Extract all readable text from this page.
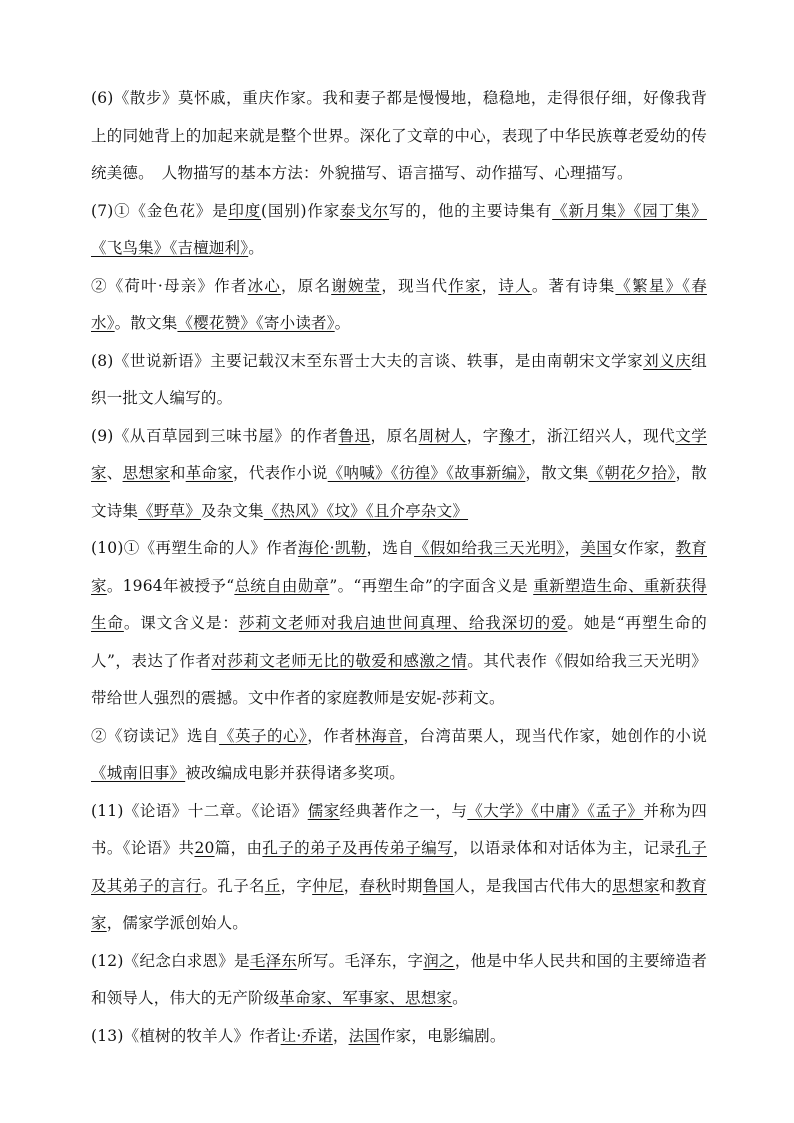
(6)《散步》莫怀戚，重庆作家。我和妻子都是慢慢地，稳稳地，走得很仔细，好像我背上的同她背上的加起来就是整个世界。深化了文章的中心，表现了中华民族尊老爱幼的传统美德。　人物描写的基本方法：外貌描写、语言描写、动作描写、心理描写。

(7)①《金色花》是印度(国别)作家泰戈尔写的，他的主要诗集有《新月集》《园丁集》《飞鸟集》《吉檀迦利》。

②《荷叶·母亲》作者冰心，原名谢婉莹，现当代作家，诗人。著有诗集《繁星》《春水》。散文集《樱花赞》《寄小读者》。

(8)《世说新语》主要记载汉末至东晋士大夫的言谈、轶事，是由南朝宋文学家刘义庆组织一批文人编写的。

(9)《从百草园到三味书屋》的作者鲁迅，原名周树人，字豫才，浙江绍兴人，现代文学家、思想家和革命家，代表作小说《呐喊》《彷徨》《故事新编》，散文集《朝花夕拾》，散文诗集《野草》及杂文集《热风》《坟》《且介亭杂文》

(10)①《再塑生命的人》作者海伦·凯勒，选自《假如给我三天光明》，美国女作家，教育家。1964年被授予“总统自由勋章”。“再塑生命”的字面含义是 重新塑造生命、重新获得生命。课文含义是：莎莉文老师对我启迪世间真理、给我深切的爱。她是“再塑生命的人”，表达了作者对莎莉文老师无比的敬爱和感激之情。其代表作《假如给我三天光明》带给世人强烈的震撼。文中作者的家庭教师是安妮-莎莉文。

②《窃读记》选自《英子的心》，作者林海音，台湾苗栗人，现当代作家，她创作的小说《城南旧事》被改编成电影并获得诸多奖项。

(11)《论语》十二章。《论语》儒家经典著作之一，与《大学》《中庸》《孟子》并称为四书。《论语》共20篇，由孔子的弟子及再传弟子编写，以语录体和对话体为主，记录孔子及其弟子的言行。孔子名丘，字仲尼，春秋时期鲁国人，是我国古代伟大的思想家和教育家，儒家学派创始人。

(12)《纪念白求恩》是毛泽东所写。毛泽东，字润之，他是中华人民共和国的主要缔造者和领导人，伟大的无产阶级革命家、军事家、思想家。

(13)《植树的牧羊人》作者让·乔诺，法国作家，电影编剧。
